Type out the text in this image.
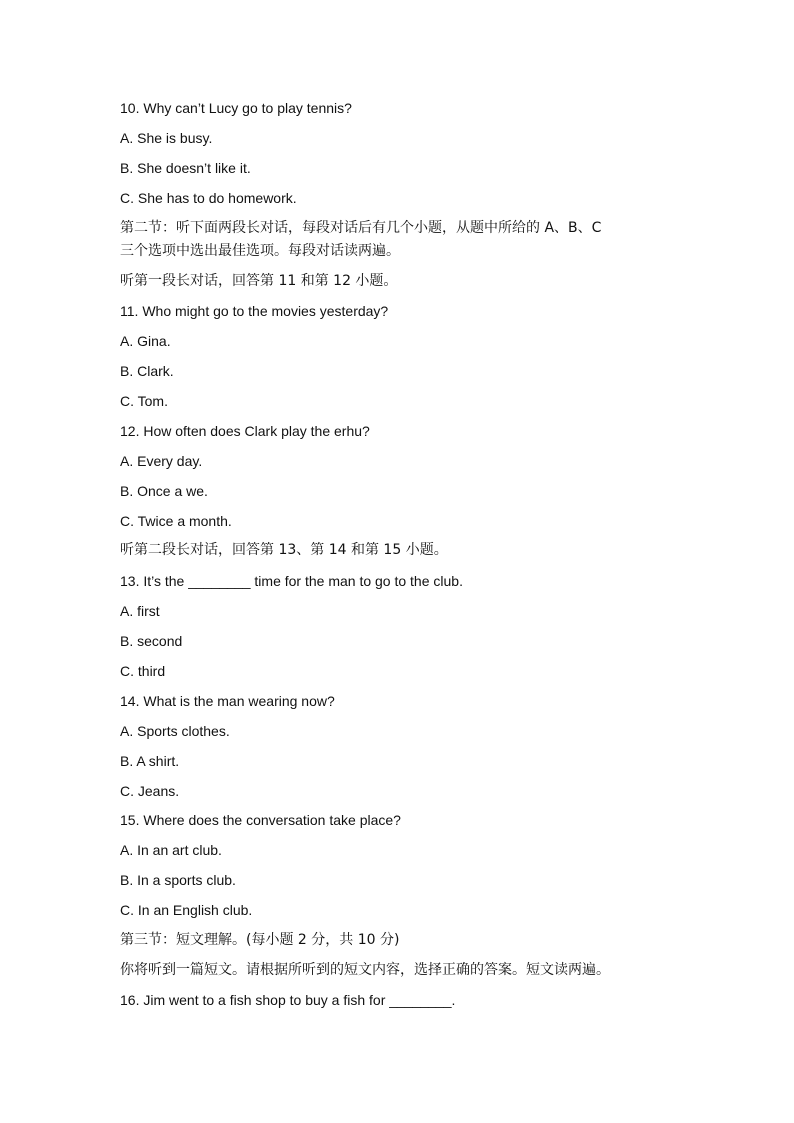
10. Why can’t Lucy go to play tennis?
A. She is busy.
B. She doesn’t like it.
C. She has to do homework.
第二节：听下面两段长对话，每段对话后有几个小题，从题中所给的 A、B、C
三个选项中选出最佳选项。每段对话读两遍。
听第一段长对话，回答第 11 和第 12 小题。
11. Who might go to the movies yesterday?
A. Gina.
B. Clark.
C. Tom.
12. How often does Clark play the erhu?
A. Every day.
B. Once a we.
C. Twice a month.
听第二段长对话，回答第 13、第 14 和第 15 小题。
13. It’s the ________ time for the man to go to the club.
A. first
B. second
C. third
14. What is the man wearing now?
A. Sports clothes.
B. A shirt.
C. Jeans.
15. Where does the conversation take place?
A. In an art club.
B. In a sports club.
C. In an English club.
第三节：短文理解。(每小题 2 分，共 10 分)
你将听到一篇短文。请根据所听到的短文内容，选择正确的答案。短文读两遍。
16. Jim went to a fish shop to buy a fish for ________.
